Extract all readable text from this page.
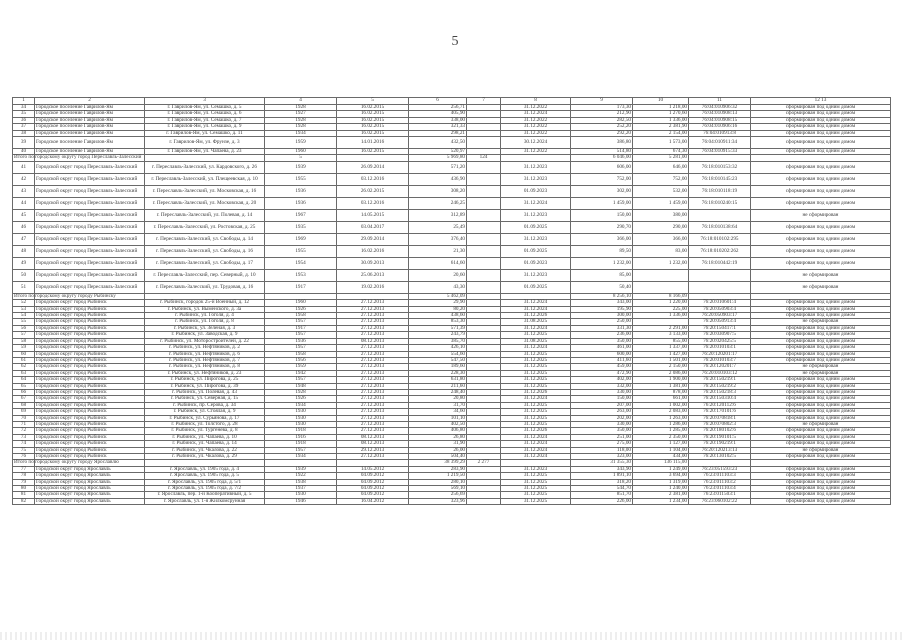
5
1	2	3	4	5	6	7	8	9	10	11	12 13
34	Городское поселение Гаврилов-Ям	г. Гаврилов-Ям, ул. Семашко, д. 5	1928	16.02.2015	256,71		31.12.2022	173,30	1 218,00	76:04:010906:32	сформирован под одним домом
35	Городское поселение Гаврилов-Ям	г. Гаврилов-Ям, ул. Семашко, д. 6	1927	16.02.2015	405,90		31.12.2024	212,90	1 270,60	76:04:010908:13	сформирован под одним домом
36	Городское поселение Гаврилов-Ям	г. Гаврилов-Ям, ул. Семашко, д. 7	1928	16.02.2015	338,00		31.12.2022	282,50	1 336,00	76:04:010908:15	сформирован под одним домом
37	Городское поселение Гаврилов-Ям	г. Гаврилов-Ям, ул. Семашко, д. 9	1928	16.02.2015	321,33		31.12.2022	252,20	2 381,90	76:04:010906:16	сформирован под одним домом
38	Городское поселение Гаврилов-Ям	г. Гаврилов-Ям, ул. Семашко, д. 11	1934	16.02.2015	298,21		31.12.2022	292,20	2 154,00	76:04:010913:8	сформирован под одним домом
39	Городское поселение Гаврилов-Ям	г. Гаврилов-Ям, ул. Фрунзе, д. 3	1959	14.01.2016	432,50		30.12.2024	386,80	1 573,00	76:04:010911:34	сформирован под одним домом
40	Городское поселение Гаврилов-Ям	г. Гаврилов-Ям, ул. Чапаева, д. 23	1960	16.02.2015	520,97		31.12.2022	514,80	674,30	76:04:010915:33	сформирован под одним домом
Итого по городскому округу город Переславль-Залесский			5		5 969,80	124		6 046,00	5 281,00		
41	Городской округ город Переславль-Залесский	г. Переславль-Залесский, ул. Кардовского, д. 26	1939	26.09.2014	571,20		31.12.2023	606,00	646,00	76:18:010153:32	сформирован под одним домом
42	Городской округ город Переславль-Залесский	г. Переславль-Залесский, ул. Плещеевская, д. 10	1955	03.12.2016	436,90		31.12.2023	752,00	752,00	76:18:010145:23	сформирован под одним домом
43	Городской округ город Переславль-Залесский	г. Переславль-Залесский, ул. Московская, д. 16	1936	26.02.2015	308,20		01.09.2023	302,00	532,00	76:18:010118:19	сформирован под одним домом
44	Городской округ город Переславль-Залесский	г. Переславль-Залесский, ул. Московская, д. 20	1936	03.12.2016	246,25		31.12.2024	1 459,00	1 459,00	76:18:010240:15	сформирован под одним домом
45	Городской округ город Переславль-Залесский	г. Переславль-Залесский, ул. Полевая, д. 14	1967	14.05.2015	312,89		31.12.2023	150,00	380,00		не сформирован
46	Городской округ город Переславль-Залесский	г. Переславль-Залесский, ул. Ростовская, д. 25	1935	03.04.2017	25,49		01.09.2025	290,70	290,00	76:18:010138:64	сформирован под одним домом
47	Городской округ город Переславль-Залесский	г. Переславль-Залесский, ул. Свободы, д. 14	1969	29.09.2014	376,40		31.12.2023	366,00	366,00	76:18:010102:295	сформирован под одним домом
48	Городской округ город Переславль-Залесский	г. Переславль-Залесский, ул. Свободы, д. 16	1955	16.02.2016	21,30		01.09.2025	89,50	83,00	76:18:010202:262	сформирован под одним домом
49	Городской округ город Переславль-Залесский	г. Переславль-Залесский, ул. Свободы, д. 17	1954	30.09.2013	614,60		01.09.2023	1 232,00	1 232,00	76:18:010442:19	сформирован под одним домом
50	Городской округ город Переславль-Залесский	г. Переславль-Залесский, пер. Северный, д. 10	1953	25.06.2013	20,60		31.12.2023	85,00			не сформирован
51	Городской округ город Переславль-Залесский	г. Переславль-Залесский, ул. Трудовая, д. 16	1917	19.02.2016	43,30		01.09.2025	50,40			не сформирован
Итого по городскому округу городу Рыбинску					5 462,09			8 256,10	8 166,09		
52	Городской округ город Рыбинск	г. Рыбинск, городок 25-й Военный, д. 12	1960	27.12.2013	29,90		31.12.2024	343,00	1 220,00	76:20:010601:4	сформирован под одним домом
53	Городской округ город Рыбинск	г. Рыбинск, ул. Выменского, д. 3а	1926	27.12.2013	80,20		31.12.2024	195,90	225,00	76:20:050903:4	сформирован под одним домом
54	Городской округ город Рыбинск	г. Рыбинск, ул. Гоголя, д. 4	1958	27.12.2013	438,60		31.12.2026	300,00	1 336,00	76:20:050903:17	сформирован под одним домом
55	Городской округ город Рыбинск	г. Рыбинск, ул. Гоголя, д. 8	1957	27.12.2013	853,30		31.08.2025	250,00		76:20:050913:4	не сформирован
56	Городской округ город Рыбинск	г. Рыбинск, ул. Зеленая, д. 3	1917	27.12.2013	571,39		31.12.2024	331,30	2 291,00	76:20:150417:1	сформирован под одним домом
57	Городской округ город Рыбинск	г. Рыбинск, ул. Заводская, д. 9	1957	27.12.2013	243,79		31.12.2025	236,00	3 133,00	76:20:030907:5	сформирован под одним домом
58	Городской округ город Рыбинск	г. Рыбинск, ул. Моторостроителей, д. 22	1936	08.12.2013	385,70		31.08.2025	350,00	855,00	76:20:020425:5	сформирован под одним домом
59	Городской округ город Рыбинск	г. Рыбинск, ул. Нефтяников, д. 2	1957	27.12.2013	426,10		31.12.2024	461,00	1 337,00	76:20:010103:1	сформирован под одним домом
60	Городской округ город Рыбинск	г. Рыбинск, ул. Нефтяников, д. 6	1958	27.12.2013	554,60		31.12.2025	600,00	1 427,00	76:20:120201:17	сформирован под одним домом
61	Городской округ город Рыбинск	г. Рыбинск, ул. Нефтяников, д. 7	1956	27.12.2013	547,50		31.12.2025	411,60	1 501,00	76:20:010103:7	сформирован под одним домом
62	Городской округ город Рыбинск	г. Рыбинск, ул. Нефтяников, д. 8	1959	27.12.2013	189,60		31.12.2025	459,00	2 150,00	76:20:120201:7	не сформирован
63	Городской округ город Рыбинск	г. Рыбинск, ул. Нефтяников, д. 23	1942	27.12.2013	228,30		31.12.2025	472,90	2 086,00	76:20:010103:12	не сформирован
64	Городской округ город Рыбинск	г. Рыбинск, ул. Пирогова, д. 25	1957	27.12.2013	631,80		31.12.2025	402,00	1 900,00	76:20:150219:1	сформирован под одним домом
65	Городской округ город Рыбинск	г. Рыбинск, ул. Пирогова, д. 39	1948	27.12.2013	211,60		31.12.2025	332,00	1 381,00	76:20:150219:2	сформирован под одним домом
66	Городской округ город Рыбинск	г. Рыбинск, ул. Полевая, д. 43	1928	27.12.2013	248,40		31.12.2026	330,00	878,00	76:20:150218:3	сформирован под одним домом
67	Городской округ город Рыбинск	г. Рыбинск, ул. Северная, д. 15	1926	27.12.2013	20,80		31.12.2024	150,00	661,00	76:20:150310:4	сформирован под одним домом
68	Городской округ город Рыбинск	г. Рыбинск, пр. Серова, д. 34	1934	27.12.2013	31,70		31.12.2025	207,00	1 002,00	76:20:120112:6	сформирован под одним домом
69	Городской округ город Рыбинск	г. Рыбинск, ул. Стоялая, д. 9	1930	27.12.2013	34,60		31.12.2025	263,00	2 083,00	76:20:170101:6	сформирован под одним домом
70	Городской округ город Рыбинск	г. Рыбинск, ул. Сурьянова, д. 17	1930	27.12.2013	101,10		31.12.2025	202,00	1 263,00	76:20:070818:1	сформирован под одним домом
71	Городской округ город Рыбинск	г. Рыбинск, ул. Толстого, д. 28	1930	27.12.2013	402,50		31.12.2025	330,00	1 286,00	76:20:070802:3	не сформирован
72	Городской округ город Рыбинск	г. Рыбинск, ул. Тургенева, д. 8	1918	27.12.2013	406,80		31.12.2026	350,00	1 285,00	76:20:180102:6	сформирован под одним домом
73	Городской округ город Рыбинск	г. Рыбинск, ул. Чапаева, д. 10	1916	08.12.2013	26,80		31.12.2024	251,00	2 350,00	76:20:190101:5	сформирован под одним домом
74	Городской округ город Рыбинск	г. Рыбинск, ул. Чапаева, д. 14	1918	08.12.2013	31,90		31.12.2024	275,00	1 127,00	76:20:190219:1	сформирован под одним домом
75	Городской округ город Рыбинск	г. Рыбинск, ул. Чкалова, д. 22	1957	29.12.2013	26,00		31.12.2024	118,00	1 104,00	76:20:120213:13	не сформирован
76	Городской округ город Рыбинск	г. Рыбинск, ул. Чкалова, д. 29	1934	27.12.2013	504,40		31.12.2024	323,00	434,00	76:20:130102:5	сформирован под одним домом
Итого по городскому округу городу Ярославлю					38 399,29	2 277		31 355,30	136 115,00		
77	Городской округ город Ярославль	г. Ярославль, ул. 1905 года, д. 4	1939	14.05.2012	283,90		31.12.2023	343,90	1 249,00	76:23:051593:23	сформирован под одним домом
78	Городской округ город Ярославль	г. Ярославль, ул. 1905 года, д. 5	1922	04.09.2012	1 219,50		31.12.2025	1 891,10	3 694,00	76:23:011103:3	сформирован под одним домом
79	Городской округ город Ярославль	г. Ярославль, ул. 1905 года, д. 5/1	1938	04.09.2012	280,10		31.12.2025	318,20	1 319,00	76:23:011103:2	сформирован под одним домом
80	Городской округ город Ярославль	г. Ярославль, ул. 1905 года, д. 7/2	1937	04.09.2012	569,10		31.12.2025	544,70	1 240,00	76:23:011103:4	сформирован под одним домом
81	Городской округ город Ярославль	г. Ярославль, пер. 1-й Кооперативный, д. 5	1930	04.09.2012	256,69		31.12.2025	851,70	2 381,00	76:23:011503:1	сформирован под одним домом
82	Городской округ город Ярославль	г. Ярославль, ул. 1-я Жилкомсрунная	1946	16.04.2012	323,96		31.12.2025	226,00	1 234,00	76:23:060102:22	сформирован под одним домом
